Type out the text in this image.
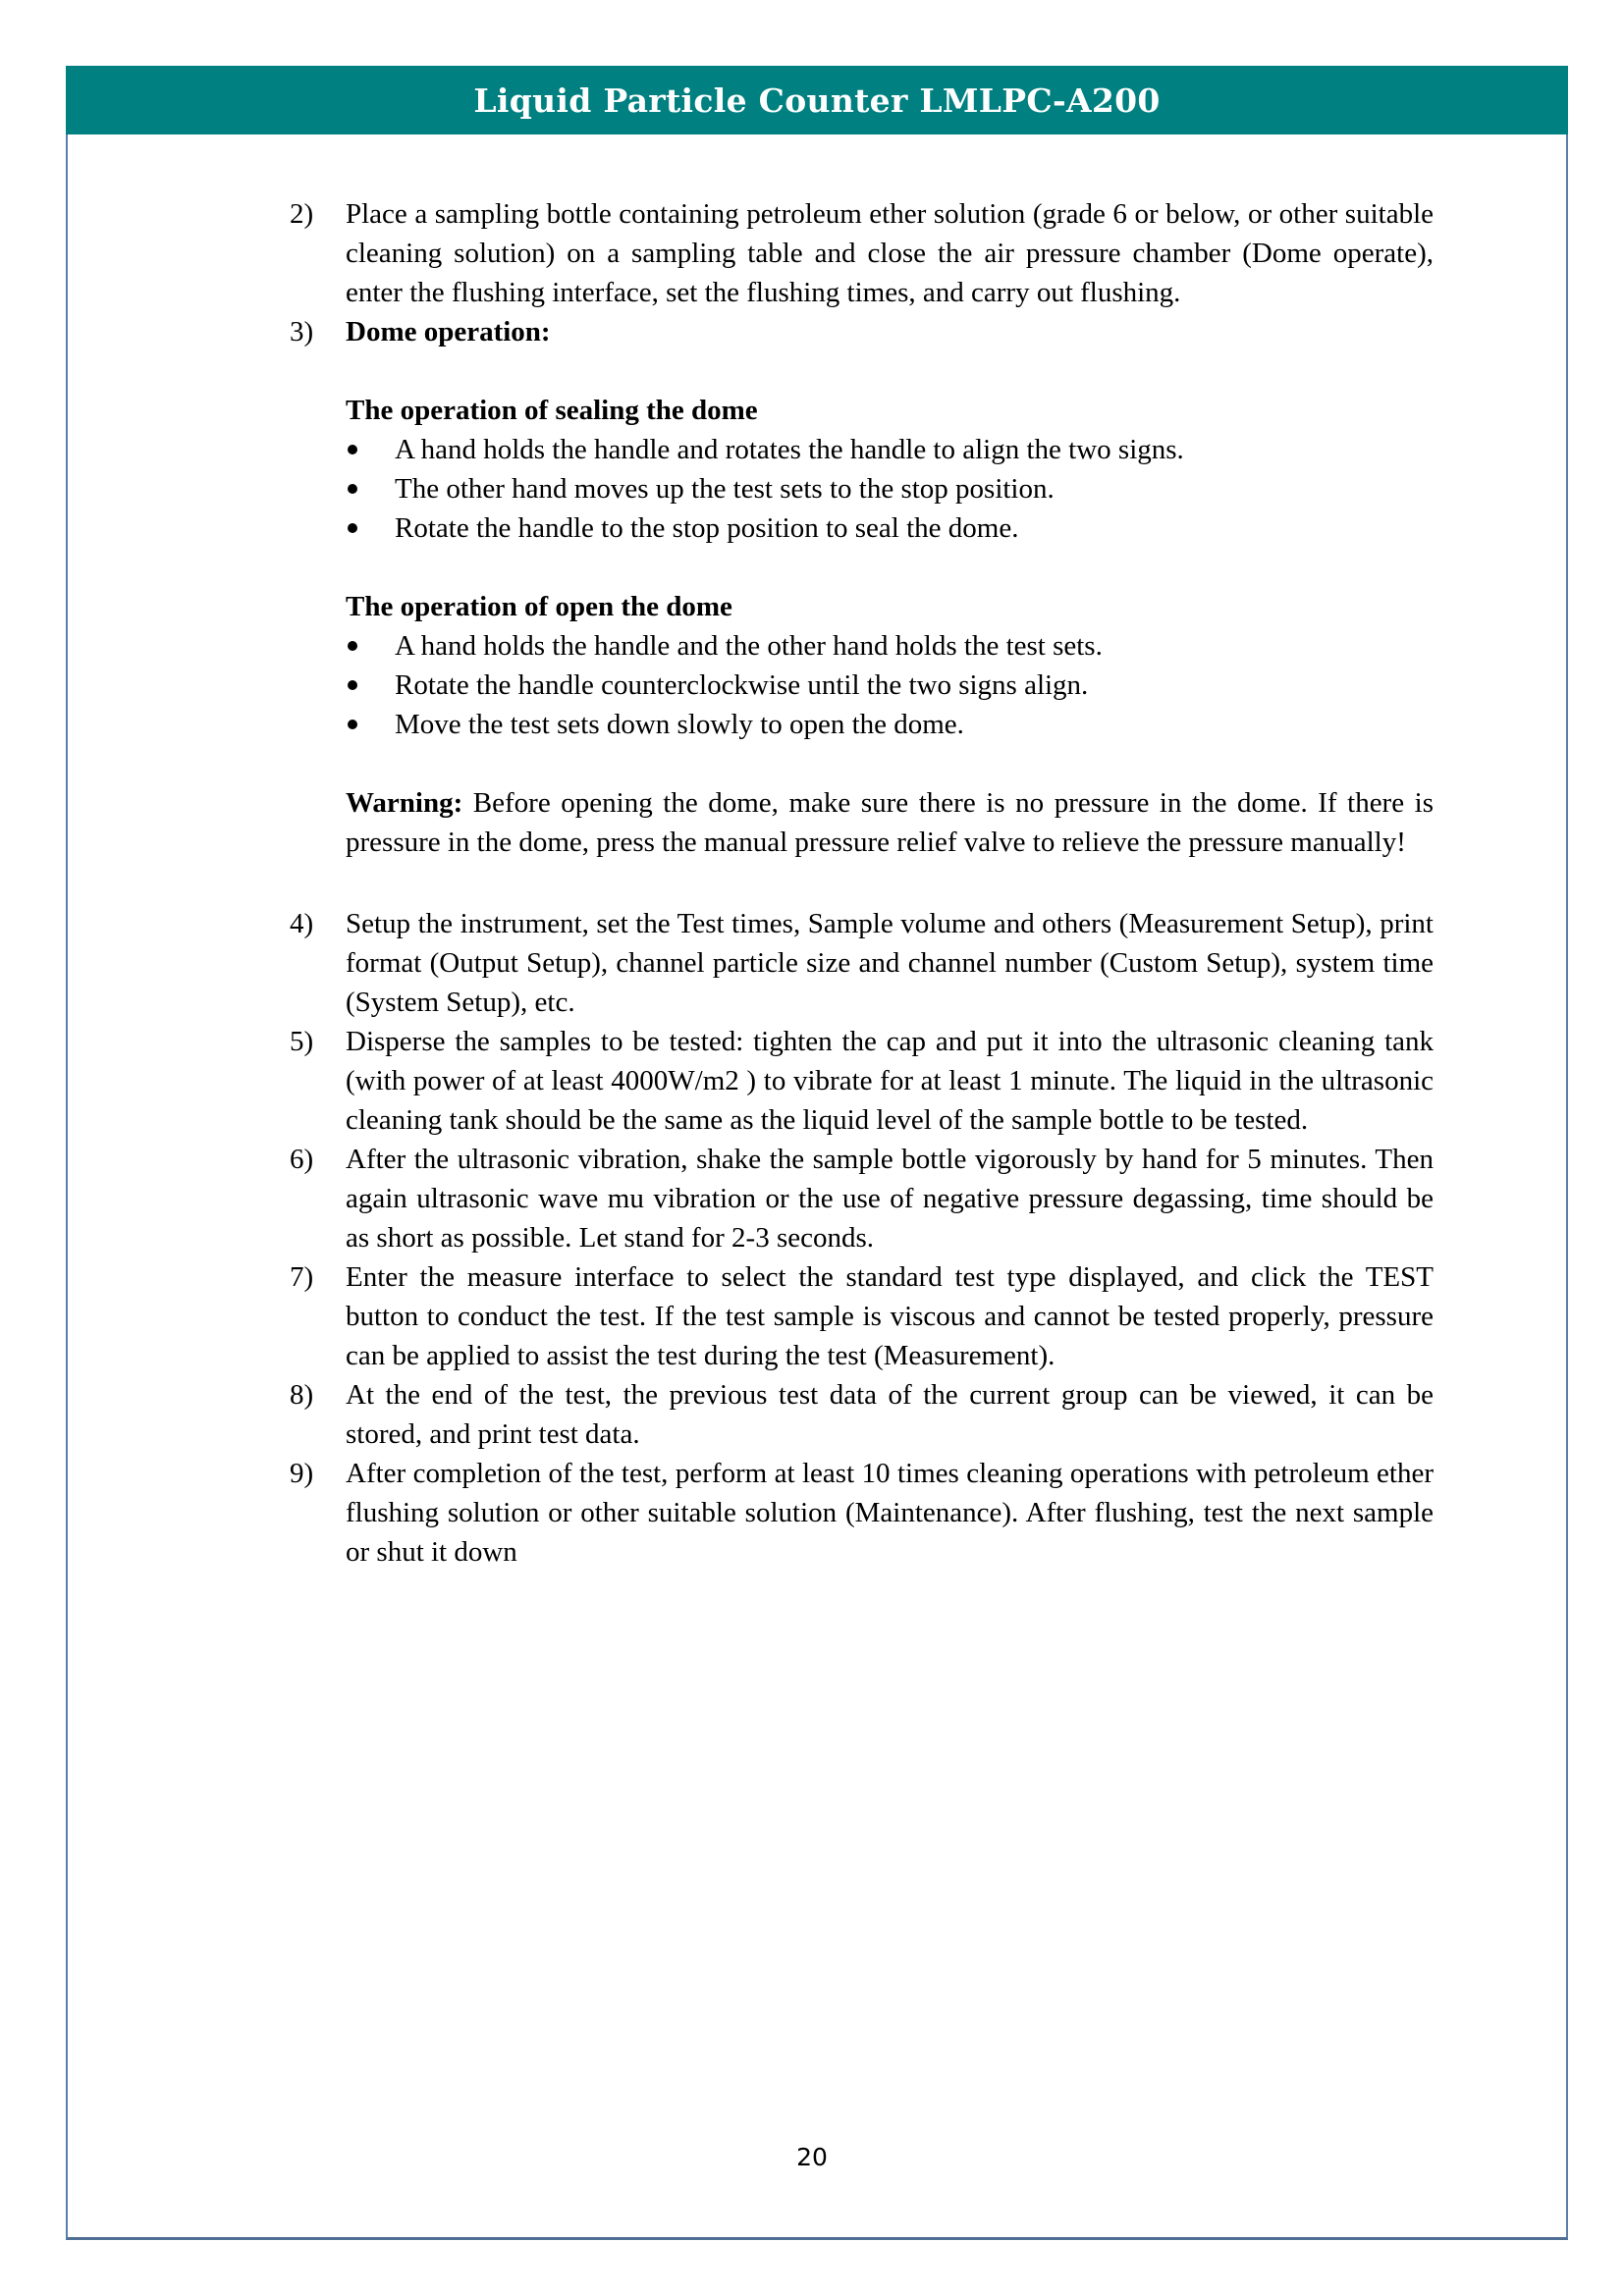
Liquid Particle Counter LMLPC-A200
2) Place a sampling bottle containing petroleum ether solution (grade 6 or below, or other suitable cleaning solution) on a sampling table and close the air pressure chamber (Dome operate), enter the flushing interface, set the flushing times, and carry out flushing.
3) Dome operation:
The operation of sealing the dome
A hand holds the handle and rotates the handle to align the two signs.
The other hand moves up the test sets to the stop position.
Rotate the handle to the stop position to seal the dome.
The operation of open the dome
A hand holds the handle and the other hand holds the test sets.
Rotate the handle counterclockwise until the two signs align.
Move the test sets down slowly to open the dome.
Warning: Before opening the dome, make sure there is no pressure in the dome. If there is pressure in the dome, press the manual pressure relief valve to relieve the pressure manually!
4) Setup the instrument, set the Test times, Sample volume and others (Measurement Setup), print format (Output Setup), channel particle size and channel number (Custom Setup), system time (System Setup), etc.
5) Disperse the samples to be tested: tighten the cap and put it into the ultrasonic cleaning tank (with power of at least 4000W/m2 ) to vibrate for at least 1 minute. The liquid in the ultrasonic cleaning tank should be the same as the liquid level of the sample bottle to be tested.
6) After the ultrasonic vibration, shake the sample bottle vigorously by hand for 5 minutes. Then again ultrasonic wave mu vibration or the use of negative pressure degassing, time should be as short as possible. Let stand for 2-3 seconds.
7) Enter the measure interface to select the standard test type displayed, and click the TEST button to conduct the test. If the test sample is viscous and cannot be tested properly, pressure can be applied to assist the test during the test (Measurement).
8) At the end of the test, the previous test data of the current group can be viewed, it can be stored, and print test data.
9) After completion of the test, perform at least 10 times cleaning operations with petroleum ether flushing solution or other suitable solution (Maintenance). After flushing, test the next sample or shut it down
20
